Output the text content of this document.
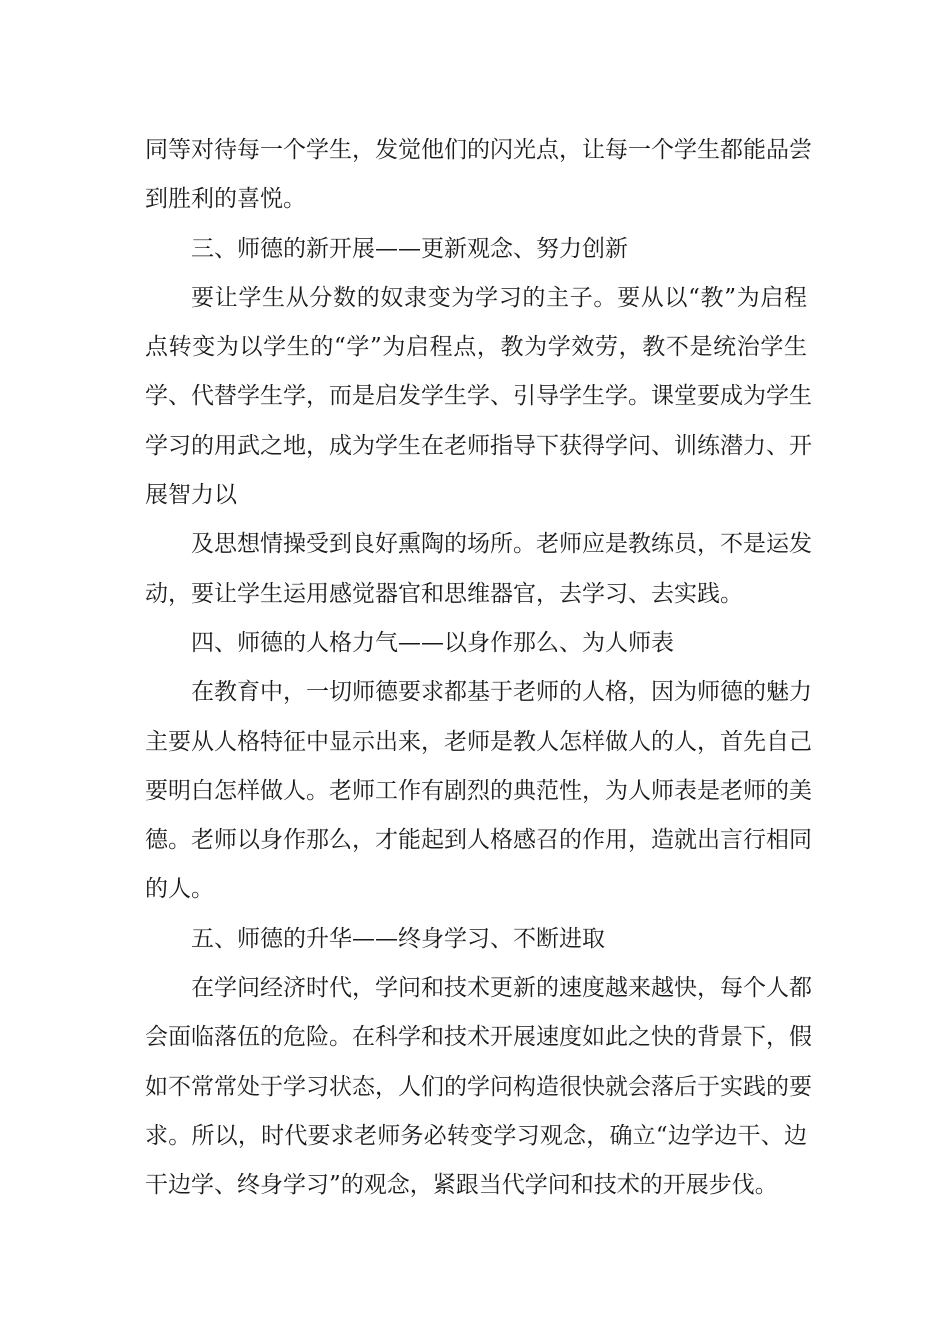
同等对待每一个学生，发觉他们的闪光点，让每一个学生都能品尝
到胜利的喜悦。
三、师德的新开展——更新观念、努力创新
要让学生从分数的奴隶变为学习的主子。要从以“教”为启程
点转变为以学生的“学”为启程点，教为学效劳，教不是统治学生
学、代替学生学，而是启发学生学、引导学生学。课堂要成为学生
学习的用武之地，成为学生在老师指导下获得学问、训练潜力、开
展智力以
及思想情操受到良好熏陶的场所。老师应是教练员，不是运发
动，要让学生运用感觉器官和思维器官，去学习、去实践。
四、师德的人格力气——以身作那么、为人师表
在教育中，一切师德要求都基于老师的人格，因为师德的魅力
主要从人格特征中显示出来，老师是教人怎样做人的人，首先自己
要明白怎样做人。老师工作有剧烈的典范性，为人师表是老师的美
德。老师以身作那么，才能起到人格感召的作用，造就出言行相同
的人。
五、师德的升华——终身学习、不断进取
在学问经济时代，学问和技术更新的速度越来越快，每个人都
会面临落伍的危险。在科学和技术开展速度如此之快的背景下，假
如不常常处于学习状态，人们的学问构造很快就会落后于实践的要
求。所以，时代要求老师务必转变学习观念，确立“边学边干、边
干边学、终身学习”的观念，紧跟当代学问和技术的开展步伐。
